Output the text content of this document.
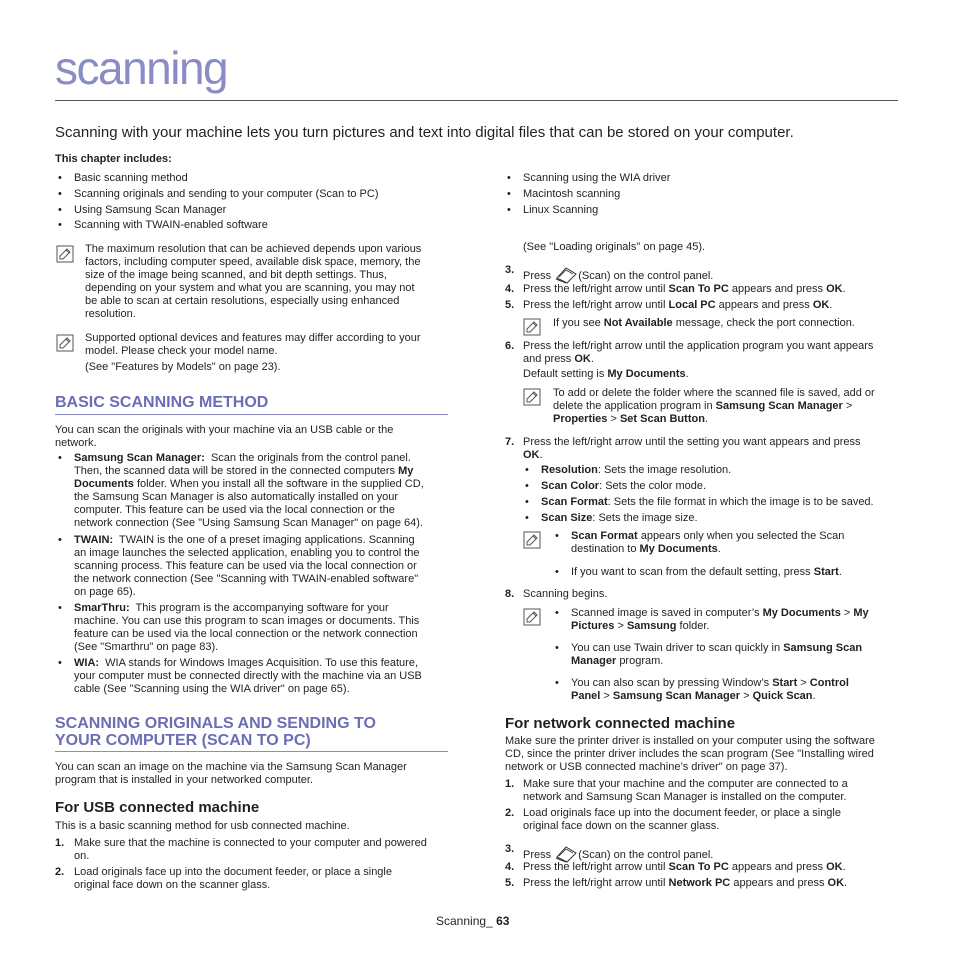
scanning
Scanning with your machine lets you turn pictures and text into digital files that can be stored on your computer.
This chapter includes:
• Basic scanning method
• Scanning originals and sending to your computer (Scan to PC)
• Using Samsung Scan Manager
• Scanning with TWAIN-enabled software
• Scanning using the WIA driver
• Macintosh scanning
• Linux Scanning
The maximum resolution that can be achieved depends upon various
factors, including computer speed, available disk space, memory, the
size of the image being scanned, and bit depth settings. Thus,
depending on your system and what you are scanning, you may not
be able to scan at certain resolutions, especially using enhanced
resolution.
Supported optional devices and features may differ according to your
model. Please check your model name.
(See "Features by Models" on page 23).
BASIC SCANNING METHOD
You can scan the originals with your machine via an USB cable or the
network.
• Samsung Scan Manager: Scan the originals from the control panel.
Then, the scanned data will be stored in the connected computers My
Documents folder. When you install all the software in the supplied CD,
the Samsung Scan Manager is also automatically installed on your
computer. This feature can be used via the local connection or the
network connection (See "Using Samsung Scan Manager" on page 64).
• TWAIN: TWAIN is the one of a preset imaging applications. Scanning
an image launches the selected application, enabling you to control the
scanning process. This feature can be used via the local connection or
the network connection (See "Scanning with TWAIN-enabled software"
on page 65).
• SmarThru: This program is the accompanying software for your
machine. You can use this program to scan images or documents. This
feature can be used via the local connection or the network connection
(See "Smarthru" on page 83).
• WIA: WIA stands for Windows Images Acquisition. To use this feature,
your computer must be connected directly with the machine via an USB
cable (See "Scanning using the WIA driver" on page 65).
SCANNING ORIGINALS AND SENDING TO
YOUR COMPUTER (SCAN TO PC)
You can scan an image on the machine via the Samsung Scan Manager
program that is installed in your networked computer.
For USB connected machine
This is a basic scanning method for usb connected machine.
1. Make sure that the machine is connected to your computer and powered
on.
2. Load originals face up into the document feeder, or place a single
original face down on the scanner glass.
(See "Loading originals" on page 45).
3. Press (Scan) on the control panel.
4. Press the left/right arrow until Scan To PC appears and press OK.
5. Press the left/right arrow until Local PC appears and press OK.
If you see Not Available message, check the port connection.
6. Press the left/right arrow until the application program you want appears
and press OK.
Default setting is My Documents.
To add or delete the folder where the scanned file is saved, add or
delete the application program in Samsung Scan Manager >
Properties > Set Scan Button.
7. Press the left/right arrow until the setting you want appears and press
OK.
• Resolution: Sets the image resolution.
• Scan Color: Sets the color mode.
• Scan Format: Sets the file format in which the image is to be saved.
• Scan Size: Sets the image size.
• Scan Format appears only when you selected the Scan
destination to My Documents.
• If you want to scan from the default setting, press Start.
8. Scanning begins.
• Scanned image is saved in computer’s My Documents > My
Pictures > Samsung folder.
• You can use Twain driver to scan quickly in Samsung Scan
Manager program.
• You can also scan by pressing Window’s Start > Control
Panel > Samsung Scan Manager > Quick Scan.
For network connected machine
Make sure the printer driver is installed on your computer using the software
CD, since the printer driver includes the scan program (See "Installing wired
network or USB connected machine’s driver" on page 37).
1. Make sure that your machine and the computer are connected to a
network and Samsung Scan Manager is installed on the computer.
2. Load originals face up into the document feeder, or place a single
original face down on the scanner glass.
3. Press (Scan) on the control panel.
4. Press the left/right arrow until Scan To PC appears and press OK.
5. Press the left/right arrow until Network PC appears and press OK.
Scanning_ 63
